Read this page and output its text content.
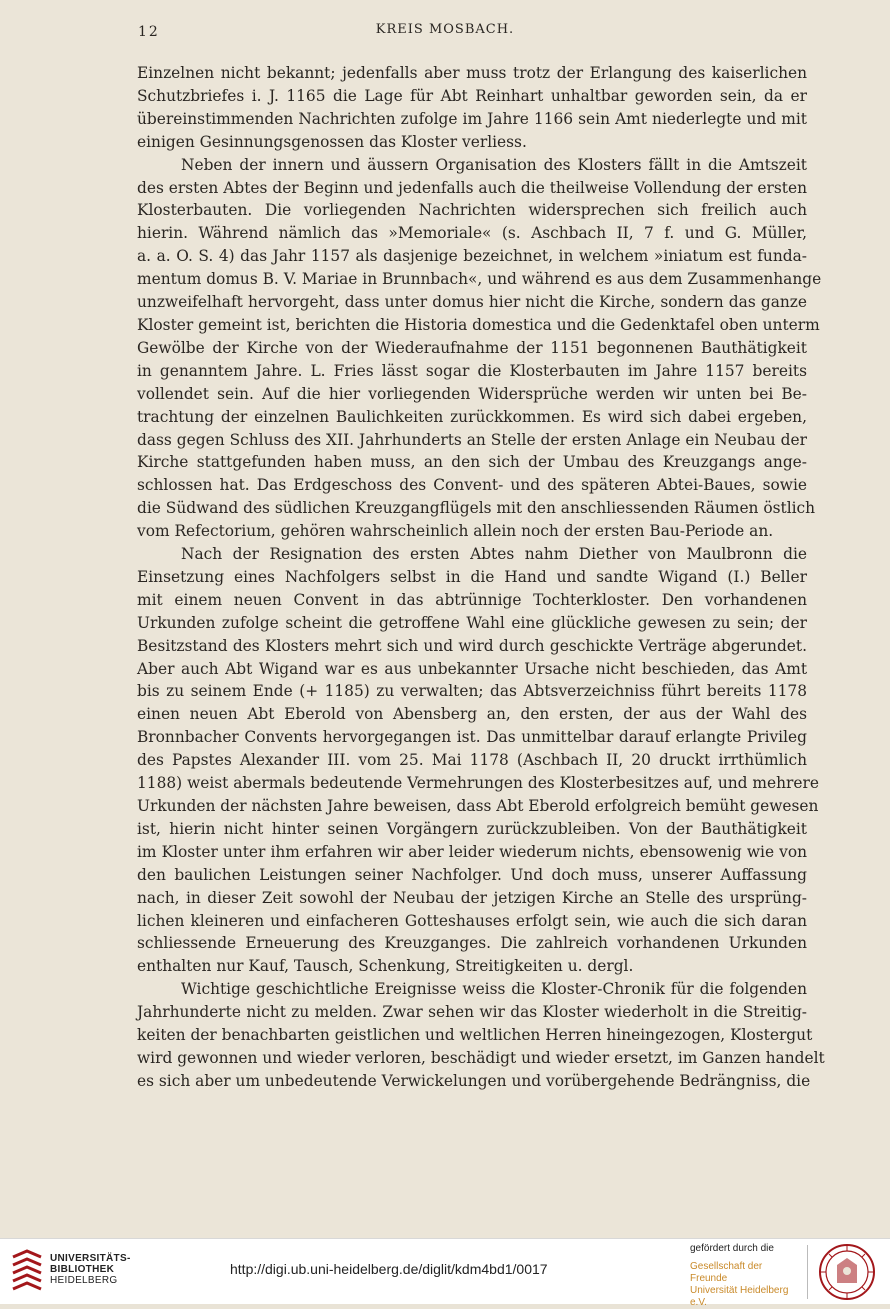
12	KREIS MOSBACH.
Einzelnen nicht bekannt; jedenfalls aber muss trotz der Erlangung des kaiserlichen
Schutzbriefes i. J. 1165 die Lage für Abt Reinhart unhaltbar geworden sein, da er
übereinstimmenden Nachrichten zufolge im Jahre 1166 sein Amt niederlegte und mit
einigen Gesinnungsgenossen das Kloster verliess.
Neben der innern und äussern Organisation des Klosters fällt in die Amtszeit
des ersten Abtes der Beginn und jedenfalls auch die theilweise Vollendung der ersten
Klosterbauten. Die vorliegenden Nachrichten widersprechen sich freilich auch
hierin. Während nämlich das »Memoriale« (s. Aschbach II, 7 f. und G. Müller,
a. a. O. S. 4) das Jahr 1157 als dasjenige bezeichnet, in welchem »iniatum est funda-
mentum domus B. V. Mariae in Brunnbach«, und während es aus dem Zusammenhange
unzweifelhaft hervorgeht, dass unter domus hier nicht die Kirche, sondern das ganze
Kloster gemeint ist, berichten die Historia domestica und die Gedenktafel oben unterm
Gewölbe der Kirche von der Wiederaufnahme der 1151 begonnenen Bauthätigkeit
in genanntem Jahre. L. Fries lässt sogar die Klosterbauten im Jahre 1157 bereits
vollendet sein. Auf die hier vorliegenden Widersprüche werden wir unten bei Be-
trachtung der einzelnen Baulichkeiten zurückkommen. Es wird sich dabei ergeben,
dass gegen Schluss des XII. Jahrhunderts an Stelle der ersten Anlage ein Neubau der
Kirche stattgefunden haben muss, an den sich der Umbau des Kreuzgangs ange-
schlossen hat. Das Erdgeschoss des Convent- und des späteren Abtei-Baues, sowie
die Südwand des südlichen Kreuzgangflügels mit den anschliessenden Räumen östlich
vom Refectorium, gehören wahrscheinlich allein noch der ersten Bau-Periode an.
Nach der Resignation des ersten Abtes nahm Diether von Maulbronn die
Einsetzung eines Nachfolgers selbst in die Hand und sandte Wigand (I.) Beller
mit einem neuen Convent in das abtrünnige Tochterkloster. Den vorhandenen
Urkunden zufolge scheint die getroffene Wahl eine glückliche gewesen zu sein; der
Besitzstand des Klosters mehrt sich und wird durch geschickte Verträge abgerundet.
Aber auch Abt Wigand war es aus unbekannter Ursache nicht beschieden, das Amt
bis zu seinem Ende (+ 1185) zu verwalten; das Abtsverzeichniss führt bereits 1178
einen neuen Abt Eberold von Abensberg an, den ersten, der aus der Wahl des
Bronnbacher Convents hervorgegangen ist. Das unmittelbar darauf erlangte Privileg
des Papstes Alexander III. vom 25. Mai 1178 (Aschbach II, 20 druckt irrthümlich
1188) weist abermals bedeutende Vermehrungen des Klosterbesitzes auf, und mehrere
Urkunden der nächsten Jahre beweisen, dass Abt Eberold erfolgreich bemüht gewesen
ist, hierin nicht hinter seinen Vorgängern zurückzubleiben. Von der Bauthätigkeit
im Kloster unter ihm erfahren wir aber leider wiederum nichts, ebensowenig wie von
den baulichen Leistungen seiner Nachfolger. Und doch muss, unserer Auffassung
nach, in dieser Zeit sowohl der Neubau der jetzigen Kirche an Stelle des ursprüng-
lichen kleineren und einfacheren Gotteshauses erfolgt sein, wie auch die sich daran
schliessende Erneuerung des Kreuzganges. Die zahlreich vorhandenen Urkunden
enthalten nur Kauf, Tausch, Schenkung, Streitigkeiten u. dergl.
Wichtige geschichtliche Ereignisse weiss die Kloster-Chronik für die folgenden
Jahrhunderte nicht zu melden. Zwar sehen wir das Kloster wiederholt in die Streitig-
keiten der benachbarten geistlichen und weltlichen Herren hineingezogen, Klostergut
wird gewonnen und wieder verloren, beschädigt und wieder ersetzt, im Ganzen handelt
es sich aber um unbedeutende Verwickelungen und vorübergehende Bedrängniss, die
UNIVERSITÄTS-
BIBLIOTHEK
HEIDELBERG
http://digi.ub.uni-heidelberg.de/diglit/kdm4bd1/0017
gefördert durch die
Gesellschaft der Freunde
Universität Heidelberg e.V.
